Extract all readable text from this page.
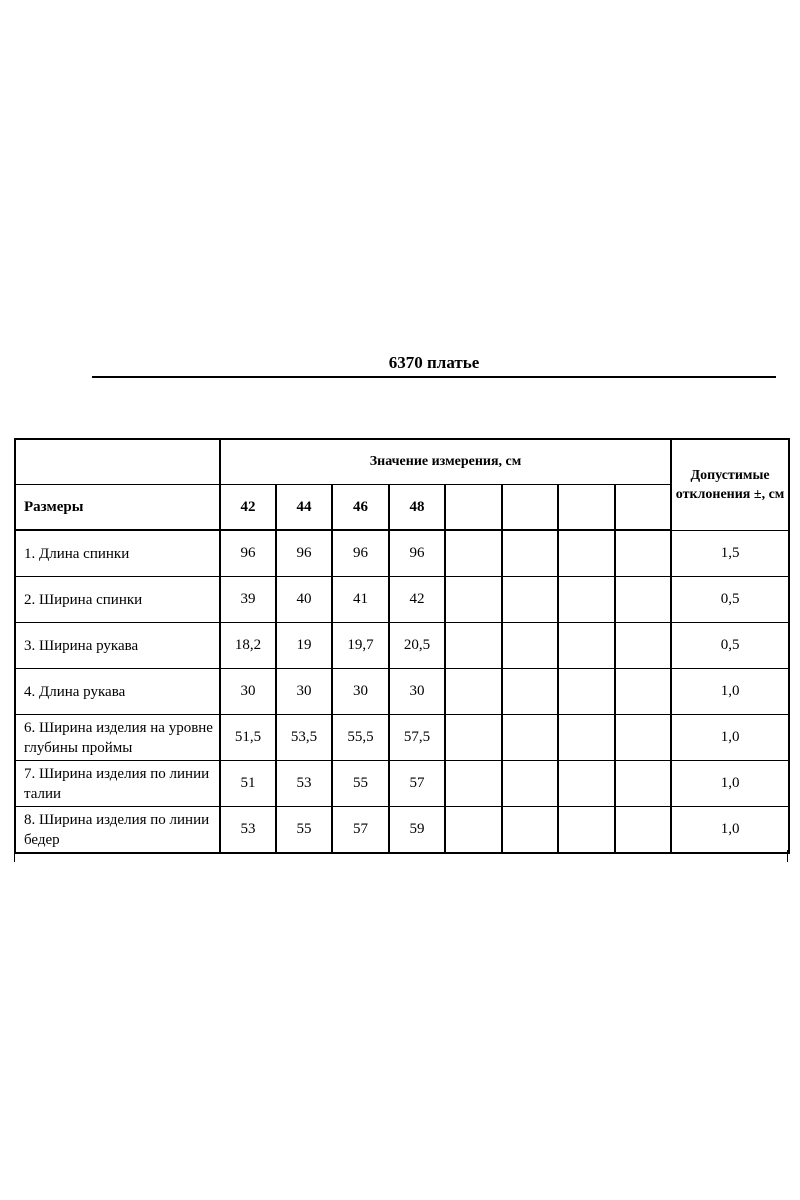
6370 платье
	Значение измерения, см								Допустимые отклонения ±, см
Размеры	42	44	46	48					
1. Длина спинки	96	96	96	96					1,5
2. Ширина спинки	39	40	41	42					0,5
3. Ширина рукава	18,2	19	19,7	20,5					0,5
4. Длина рукава	30	30	30	30					1,0
6. Ширина изделия на уровне глубины проймы	51,5	53,5	55,5	57,5					1,0
7. Ширина изделия по линии талии	51	53	55	57					1,0
8. Ширина изделия по линии бедер	53	55	57	59					1,0
